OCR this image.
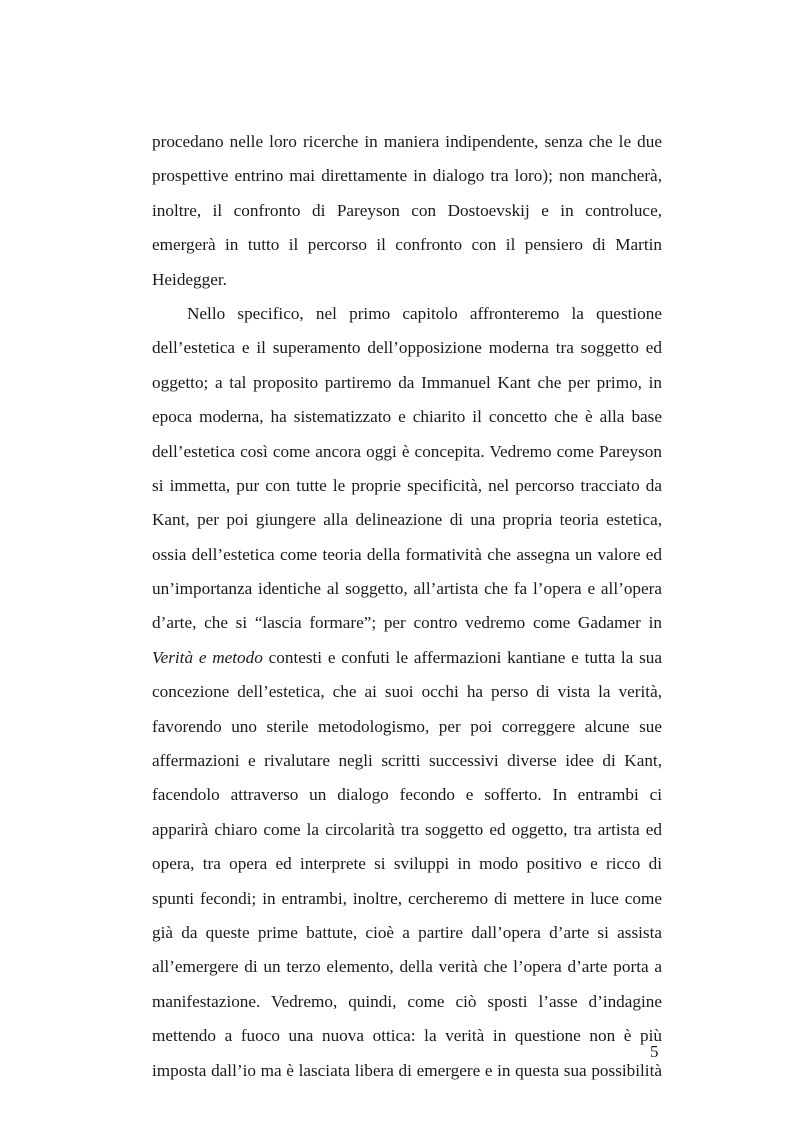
procedano nelle loro ricerche in maniera indipendente, senza che le due
prospettive entrino mai direttamente in dialogo tra loro); non mancherà,
inoltre, il confronto di Pareyson con Dostoevskij e in controluce,
emergerà in tutto il percorso il confronto con il pensiero di Martin
Heidegger.
Nello specifico, nel primo capitolo affronteremo la questione
dell’estetica e il superamento dell’opposizione moderna tra soggetto ed
oggetto; a tal proposito partiremo da Immanuel Kant che per primo, in
epoca moderna, ha sistematizzato e chiarito il concetto che è alla base
dell’estetica così come ancora oggi è concepita. Vedremo come Pareyson
si immetta, pur con tutte le proprie specificità, nel percorso tracciato da
Kant, per poi giungere alla delineazione di una propria teoria estetica,
ossia dell’estetica come teoria della formatività che assegna un valore ed
un’importanza identiche al soggetto, all’artista che fa l’opera e all’opera
d’arte, che si “lascia formare”; per contro vedremo come Gadamer in
Verità e metodo contesti e confuti le affermazioni kantiane e tutta la sua
concezione dell’estetica, che ai suoi occhi ha perso di vista la verità,
favorendo uno sterile metodologismo, per poi correggere alcune sue
affermazioni e rivalutare negli scritti successivi diverse idee di Kant,
facendolo attraverso un dialogo fecondo e sofferto. In entrambi ci
apparirà chiaro come la circolarità tra soggetto ed oggetto, tra artista ed
opera, tra opera ed interprete si sviluppi in modo positivo e ricco di
spunti fecondi; in entrambi, inoltre, cercheremo di mettere in luce come
già da queste prime battute, cioè a partire dall’opera d’arte si assista
all’emergere di un terzo elemento, della verità che l’opera d’arte porta a
manifestazione. Vedremo, quindi, come ciò sposti l’asse d’indagine
mettendo a fuoco una nuova ottica: la verità in questione non è più
imposta dall’io ma è lasciata libera di emergere e in questa sua possibilità
5
